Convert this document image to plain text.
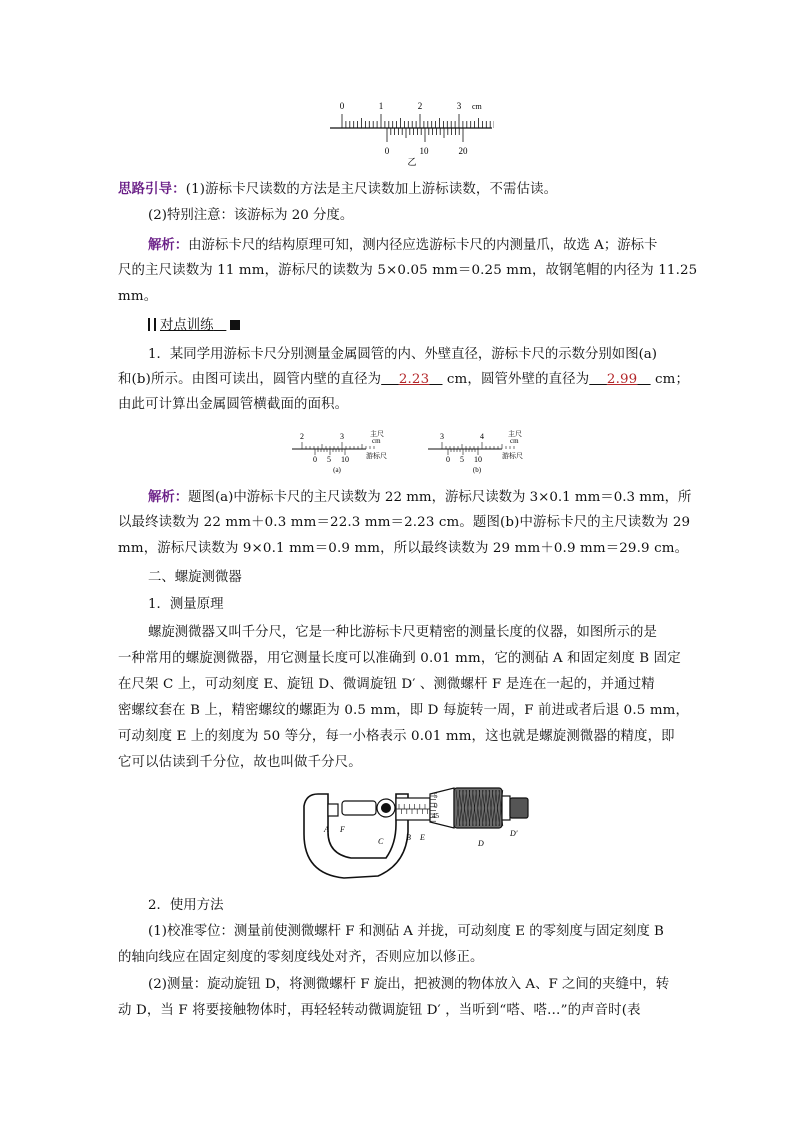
0	1	2	3 cm
0	10	20
乙
思路引导：(1)游标卡尺读数的方法是主尺读数加上游标读数，不需估读。
(2)特别注意：该游标为 20 分度。
解析：由游标卡尺的结构原理可知，测内径应选游标卡尺的内测量爪，故选 A；游标卡
尺的主尺读数为 11 mm，游标尺的读数为 5×0.05 mm＝0.25 mm，故钢笔帽的内径为 11.25
mm。
对点训练
1．某同学用游标卡尺分别测量金属圆管的内、外壁直径，游标卡尺的示数分别如图(a)
和(b)所示。由图可读出，圆管内壁的直径为 2.23    cm，圆管外壁的直径为 2.99    cm；
由此可计算出金属圆管横截面的面积。
2	3	主尺
cm
0 5 10 游标尺
(a)
3	4	主尺
cm
0 5 10	游标尺
(b)
解析：题图(a)中游标卡尺的主尺读数为 22 mm，游标尺读数为 3×0.1 mm＝0.3 mm，所
以最终读数为 22 mm＋0.3 mm＝22.3 mm＝2.23 cm。题图(b)中游标卡尺的主尺读数为 29
mm，游标尺读数为 9×0.1 mm＝0.9 mm，所以最终读数为 29 mm＋0.9 mm＝29.9 cm。
二、螺旋测微器
1．测量原理
螺旋测微器又叫千分尺，它是一种比游标卡尺更精密的测量长度的仪器，如图所示的是
一种常用的螺旋测微器，用它测量长度可以准确到 0.01 mm，它的测砧 A 和固定刻度 B 固定
在尺架 C 上，可动刻度 E、旋钮 D、微调旋钮 D′ 、测微螺杆 F 是连在一起的，并通过精
密螺纹套在 B 上，精密螺纹的螺距为 0.5 mm，即 D 每旋转一周，F 前进或者后退 0.5 mm，
可动刻度 E 上的刻度为 50 等分，每一小格表示 0.01 mm，这也就是螺旋测微器的精度，即
它可以估读到千分位，故也叫做千分尺。
A F
C	B E
D
D′
5
0
45
2．使用方法
(1)校准零位：测量前使测微螺杆 F 和测砧 A 并拢，可动刻度 E 的零刻度与固定刻度 B
的轴向线应在固定刻度的零刻度线处对齐，否则应加以修正。
(2)测量：旋动旋钮 D，将测微螺杆 F 旋出，把被测的物体放入 A、F 之间的夹缝中，转
动 D，当 F 将要接触物体时，再轻轻转动微调旋钮 D′ ，当听到“嗒、嗒…”的声音时(表
